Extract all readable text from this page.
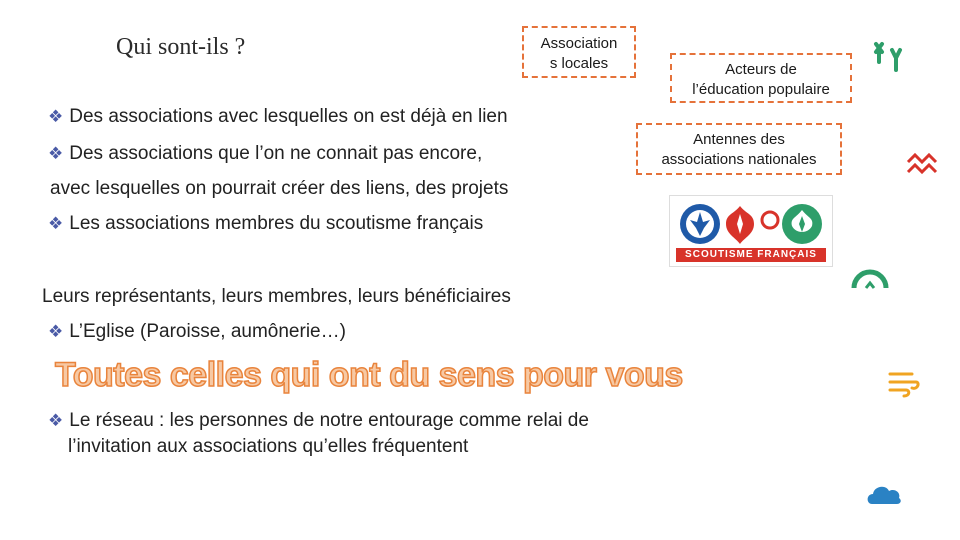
Qui sont-ils ?	Association
s locales	Acteurs de
l’éducation populaire
Antennes des
associations nationales
❖ Des associations avec lesquelles on est déjà en lien
❖ Des associations que l’on ne connait pas encore,
avec lesquelles on pourrait créer des liens, des projets
❖ Les associations membres du scoutisme français
SCOUTISME FRANÇAIS
Leurs représentants, leurs membres, leurs bénéficiaires
❖ L’Eglise (Paroisse, aumônerie…)
Toutes celles qui ont du sens pour vous
❖ Le réseau : les personnes de notre entourage comme relai de
l’invitation aux associations qu’elles fréquentent
